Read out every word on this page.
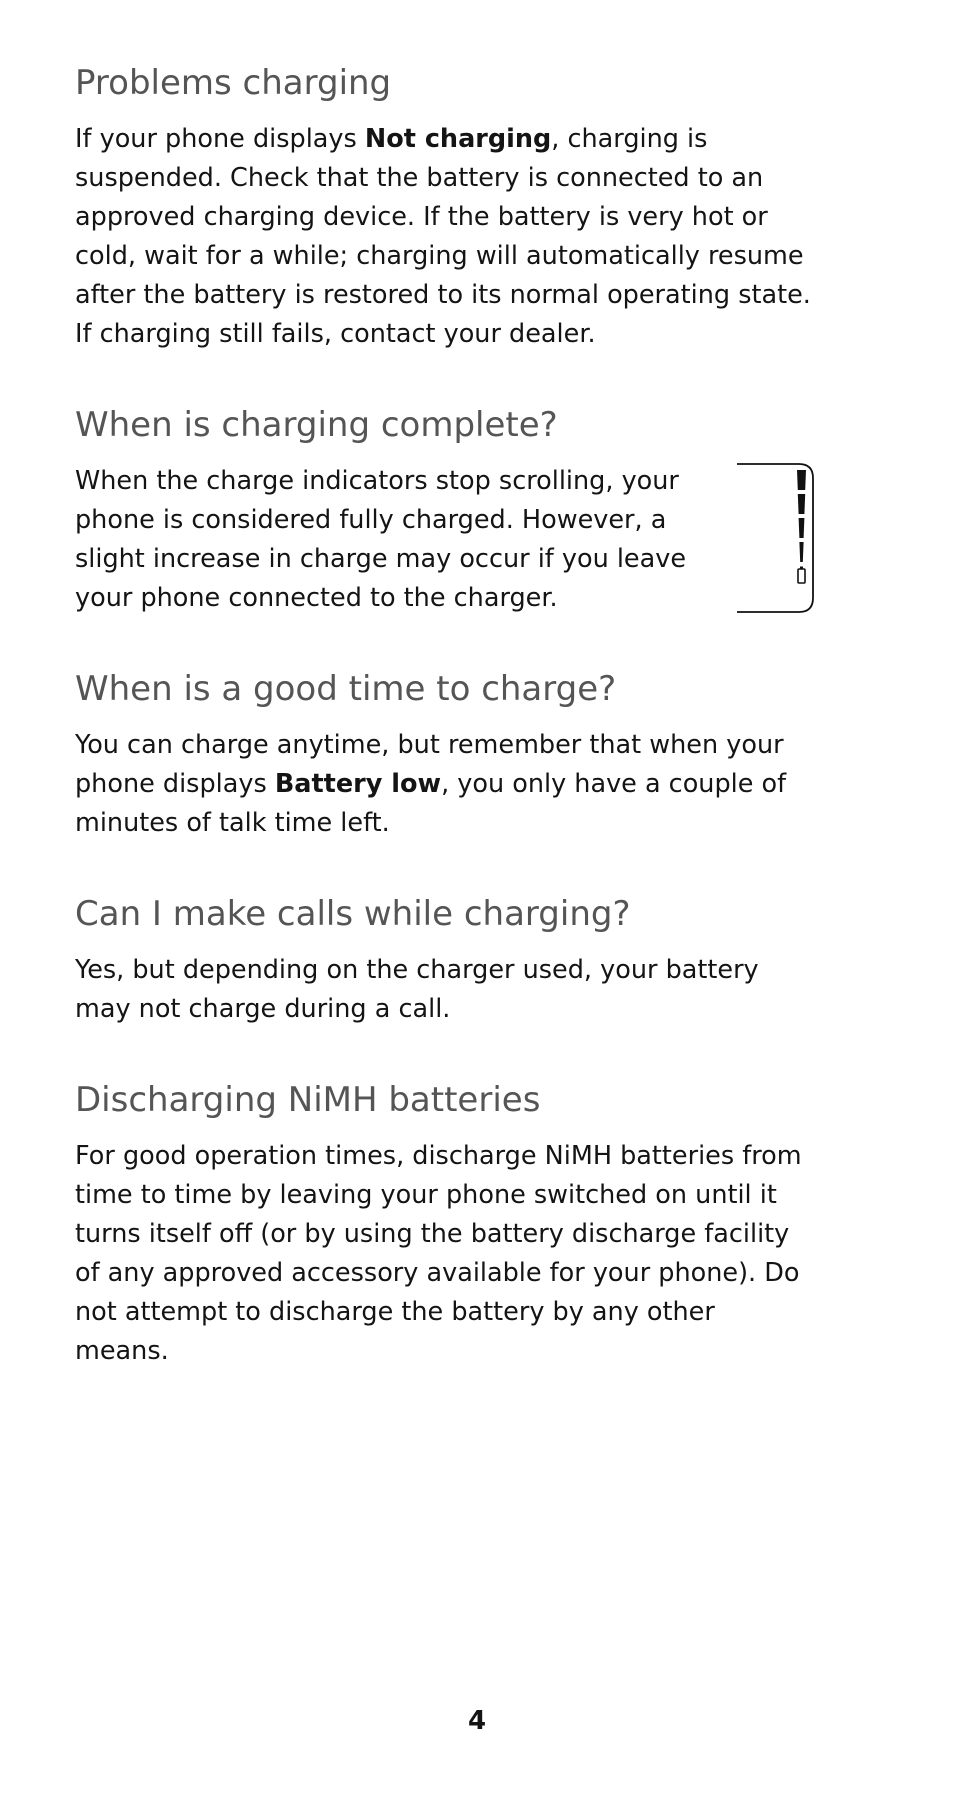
Problems charging

If your phone displays Not charging, charging is suspended. Check that the battery is connected to an approved charging device. If the battery is very hot or cold, wait for a while; charging will automatically resume after the battery is restored to its normal operating state. If charging still fails, contact your dealer.

When is charging complete?

When the charge indicators stop scrolling, your phone is considered fully charged. However, a slight increase in charge may occur if you leave your phone connected to the charger.

When is a good time to charge?

You can charge anytime, but remember that when your phone displays Battery low, you only have a couple of minutes of talk time left.

Can I make calls while charging?

Yes, but depending on the charger used, your battery may not charge during a call.

Discharging NiMH batteries

For good operation times, discharge NiMH batteries from time to time by leaving your phone switched on until it turns itself off (or by using the battery discharge facility of any approved accessory available for your phone). Do not attempt to discharge the battery by any other means.

4
